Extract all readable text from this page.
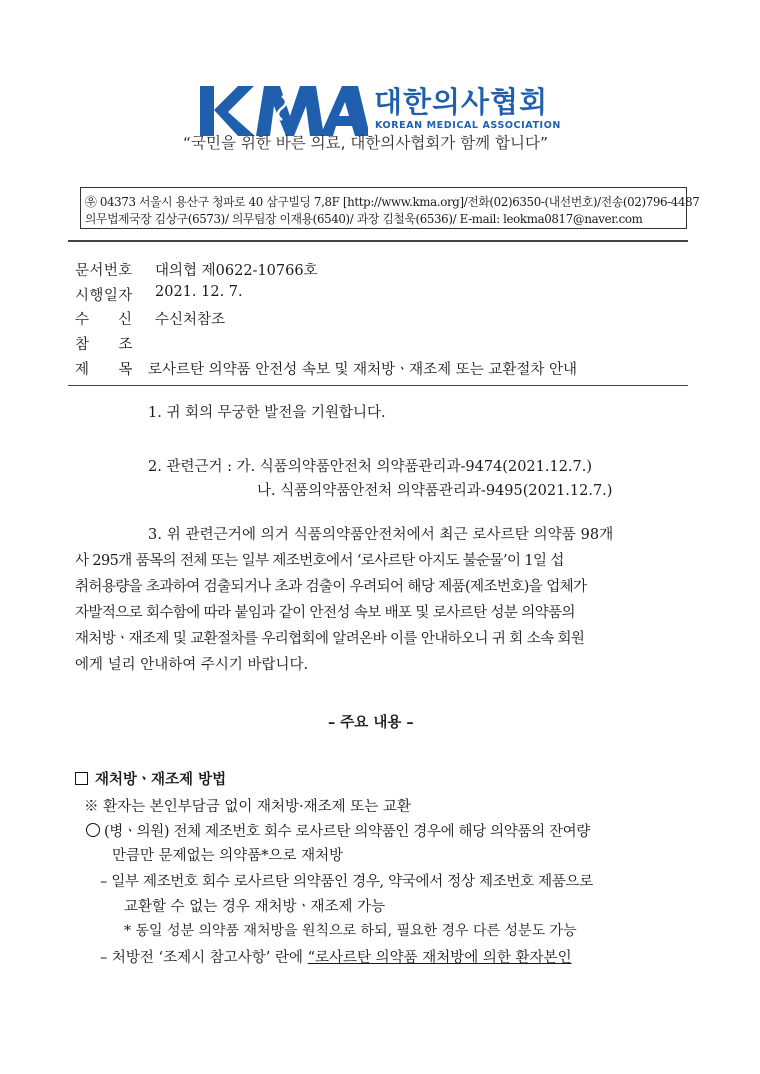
대한의사협회
KOREAN MEDICAL ASSOCIATION
“국민을 위한 바른 의료, 대한의사협회가 함께 합니다”
㉾ 04373 서울시 용산구 청파로 40 삼구빌딩 7,8F [http://www.kma.org]/전화(02)6350-(내선번호)/전송(02)796-4487
의무법제국장 김상구(6573)/ 의무팀장 이재용(6540)/ 과장 김철욱(6536)/ E-mail: leokma0817@naver.com
문서번호 대의협 제0622-10766호
시행일자 2021. 12. 7.
수 신 수신처참조
참 조
제 목 로사르탄 의약품 안전성 속보 및 재처방ㆍ재조제 또는 교환절차 안내
1. 귀 회의 무궁한 발전을 기원합니다.
2. 관련근거 : 가. 식품의약품안전처 의약품관리과-9474(2021.12.7.)
나. 식품의약품안전처 의약품관리과-9495(2021.12.7.)
3. 위 관련근거에 의거 식품의약품안전처에서 최근 로사르탄 의약품 98개
사 295개 품목의 전체 또는 일부 제조번호에서 ‘로사르탄 아지도 불순물’이 1일 섭
취허용량을 초과하여 검출되거나 초과 검출이 우려되어 해당 제품(제조번호)을 업체가
자발적으로 회수함에 따라 붙임과 같이 안전성 속보 배포 및 로사르탄 성분 의약품의
재처방ㆍ재조제 및 교환절차를 우리협회에 알려온바 이를 안내하오니 귀 회 소속 회원
에게 널리 안내하여 주시기 바랍니다.
– 주요 내용 –
재처방ㆍ재조제 방법
※ 환자는 본인부담금 없이 재처방·재조제 또는 교환
(병ㆍ의원) 전체 제조번호 회수 로사르탄 의약품인 경우에 해당 의약품의 잔여량
만큼만 문제없는 의약품*으로 재처방
– 일부 제조번호 회수 로사르탄 의약품인 경우, 약국에서 정상 제조번호 제품으로
교환할 수 없는 경우 재처방ㆍ재조제 가능
* 동일 성분 의약품 재처방을 원칙으로 하되, 필요한 경우 다른 성분도 가능
– 처방전 ‘조제시 참고사항’ 란에 “로사르탄 의약품 재처방에 의한 환자본인
